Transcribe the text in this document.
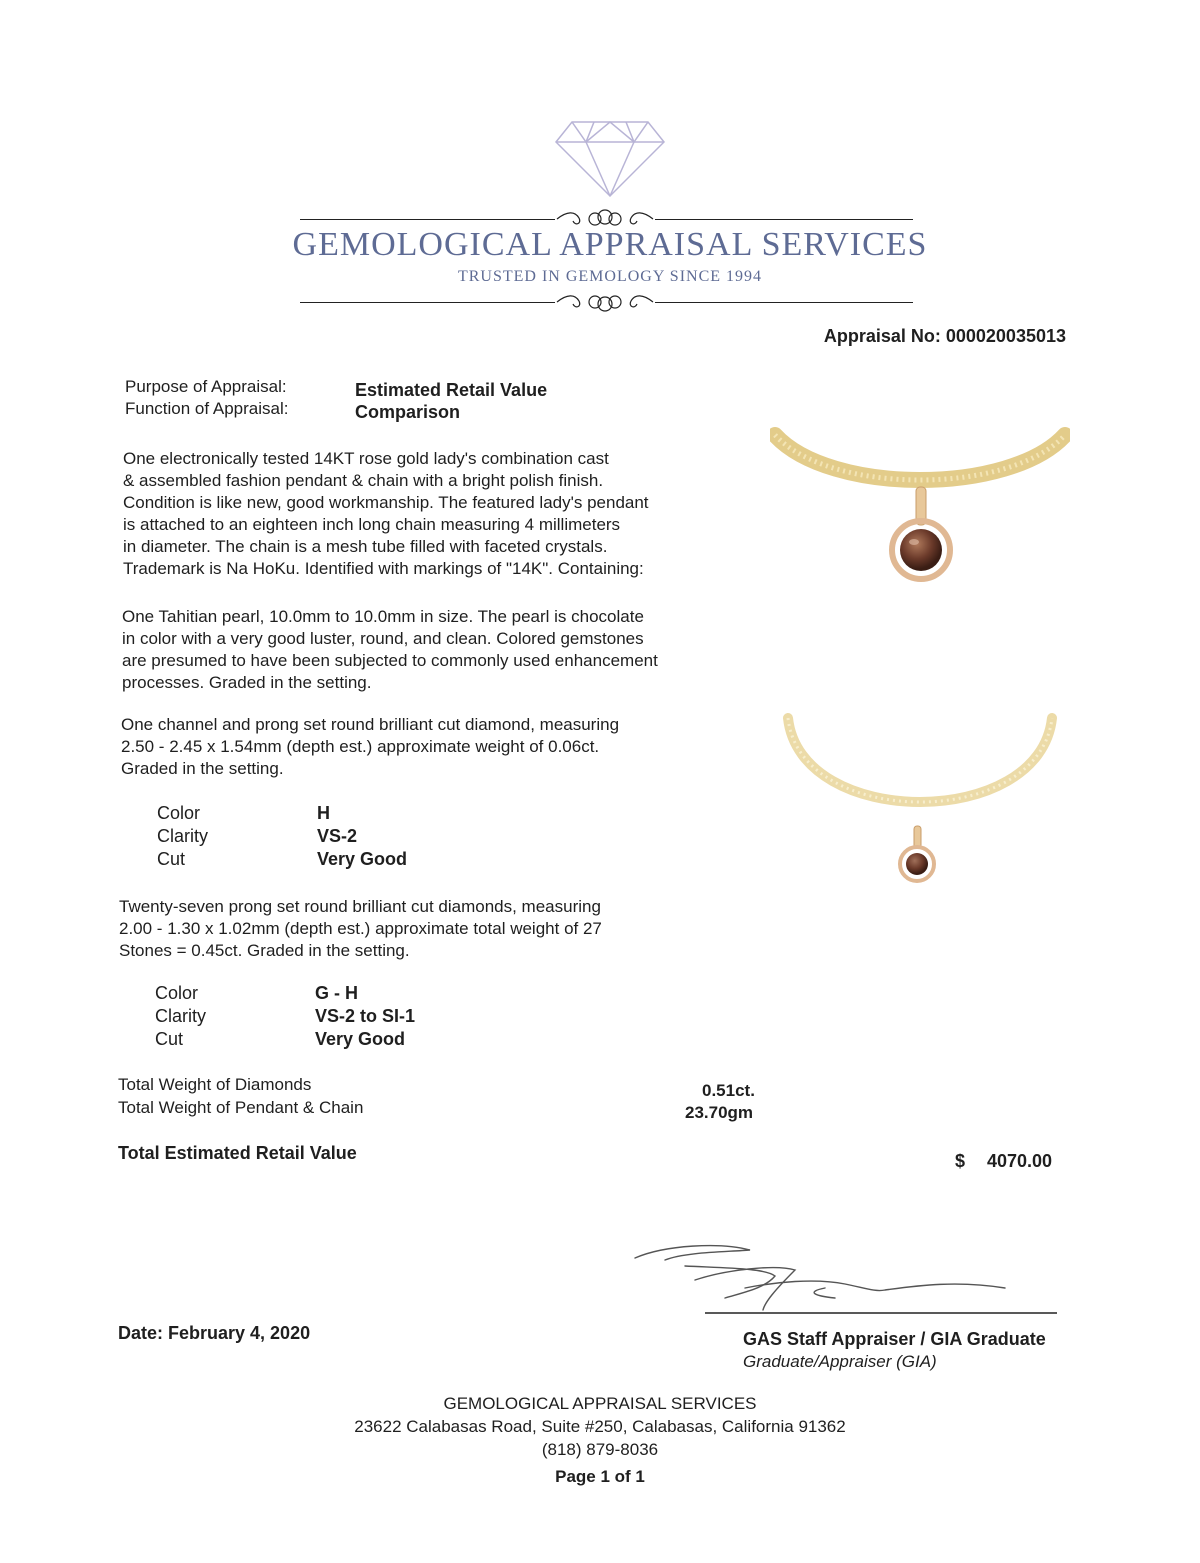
GEMOLOGICAL APPRAISAL SERVICES
TRUSTED IN GEMOLOGY SINCE 1994
Appraisal No: 000020035013
Purpose of Appraisal:	Estimated Retail Value
Function of Appraisal:	Comparison
One electronically tested 14KT rose gold lady's combination cast
& assembled fashion pendant & chain with a bright polish finish.
Condition is like new, good workmanship. The featured lady's pendant
is attached to an eighteen inch long chain measuring 4 millimeters
in diameter. The chain is a mesh tube filled with faceted crystals.
Trademark is Na HoKu. Identified with markings of "14K". Containing:
One Tahitian pearl, 10.0mm to 10.0mm in size. The pearl is chocolate
in color with a very good luster, round, and clean. Colored gemstones
are presumed to have been subjected to commonly used enhancement
processes. Graded in the setting.
One channel and prong set round brilliant cut diamond, measuring
2.50 - 2.45 x 1.54mm (depth est.) approximate weight of 0.06ct.
Graded in the setting.
Color	H
Clarity	VS-2
Cut	Very Good
Twenty-seven prong set round brilliant cut diamonds, measuring
2.00 - 1.30 x 1.02mm (depth est.) approximate total weight of 27
Stones = 0.45ct. Graded in the setting.
Color	G - H
Clarity	VS-2 to SI-1
Cut	Very Good
Total Weight of Diamonds	0.51ct.
Total Weight of Pendant & Chain	23.70gm
Total Estimated Retail Value	$ 4070.00
Date: February 4, 2020	GAS Staff Appraiser / GIA Graduate
Graduate/Appraiser (GIA)
GEMOLOGICAL APPRAISAL SERVICES
23622 Calabasas Road, Suite #250, Calabasas, California 91362
(818) 879-8036
Page 1 of 1
